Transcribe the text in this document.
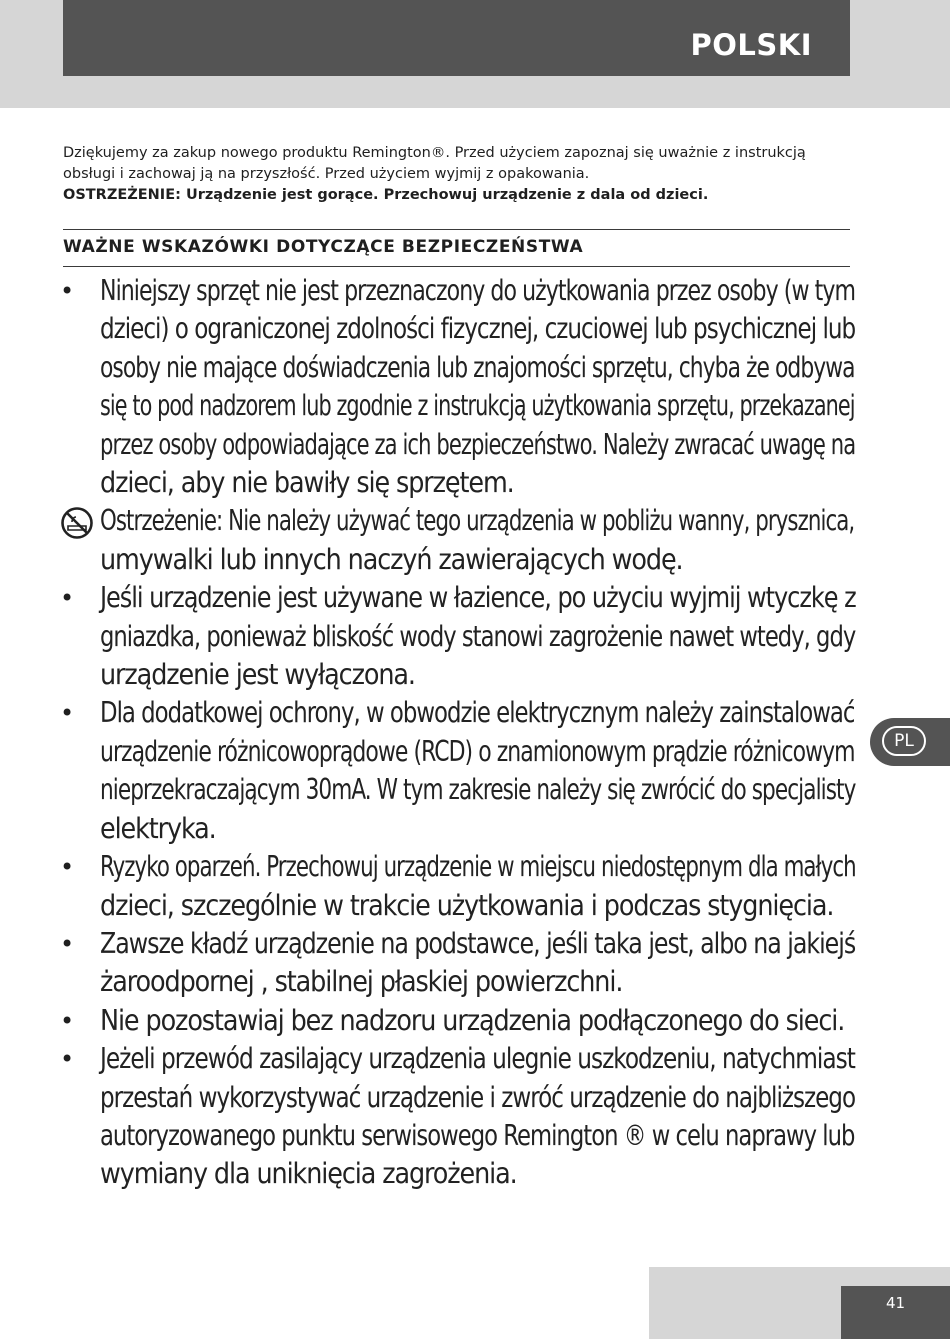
POLSKI

Dziękujemy za zakup nowego produktu Remington®. Przed użyciem zapoznaj się uważnie z instrukcją

obsługi i zachowaj ją na przyszłość. Przed użyciem wyjmij z opakowania.

OSTRZEŻENIE: Urządzenie jest gorące. Przechowuj urządzenie z dala od dzieci.

WAŻNE WSKAZÓWKI DOTYCZĄCE BEZPIECZEŃSTWA
• Niniejszy sprzęt nie jest przeznaczony do użytkowania przez osoby (w tym
dzieci) o ograniczonej zdolności fizycznej, czuciowej lub psychicznej lub
osoby nie mające doświadczenia lub znajomości sprzętu, chyba że odbywa
się to pod nadzorem lub zgodnie z instrukcją użytkowania sprzętu, przekazanej
przez osoby odpowiadające za ich bezpieczeństwo. Należy zwracać uwagę na
dzieci, aby nie bawiły się sprzętem.
Ostrzeżenie: Nie należy używać tego urządzenia w pobliżu wanny, prysznica,
umywalki lub innych naczyń zawierających wodę.
• Jeśli urządzenie jest używane w łazience, po użyciu wyjmij wtyczkę z
gniazdka, ponieważ bliskość wody stanowi zagrożenie nawet wtedy, gdy
urządzenie jest wyłączona.
• Dla dodatkowej ochrony, w obwodzie elektrycznym należy zainstalować
urządzenie różnicowoprądowe (RCD) o znamionowym prądzie różnicowym
nieprzekraczającym 30mA. W tym zakresie należy się zwrócić do specjalisty
elektryka.
• Ryzyko oparzeń. Przechowuj urządzenie w miejscu niedostępnym dla małych
dzieci, szczególnie w trakcie użytkowania i podczas stygnięcia.
• Zawsze kładź urządzenie na podstawce, jeśli taka jest, albo na jakiejś
żaroodpornej , stabilnej płaskiej powierzchni.
• Nie pozostawiaj bez nadzoru urządzenia podłączonego do sieci.
• Jeżeli przewód zasilający urządzenia ulegnie uszkodzeniu, natychmiast
przestań wykorzystywać urządzenie i zwróć urządzenie do najbliższego
autoryzowanego punktu serwisowego Remington ® w celu naprawy lub
wymiany dla uniknięcia zagrożenia.
PL
41
